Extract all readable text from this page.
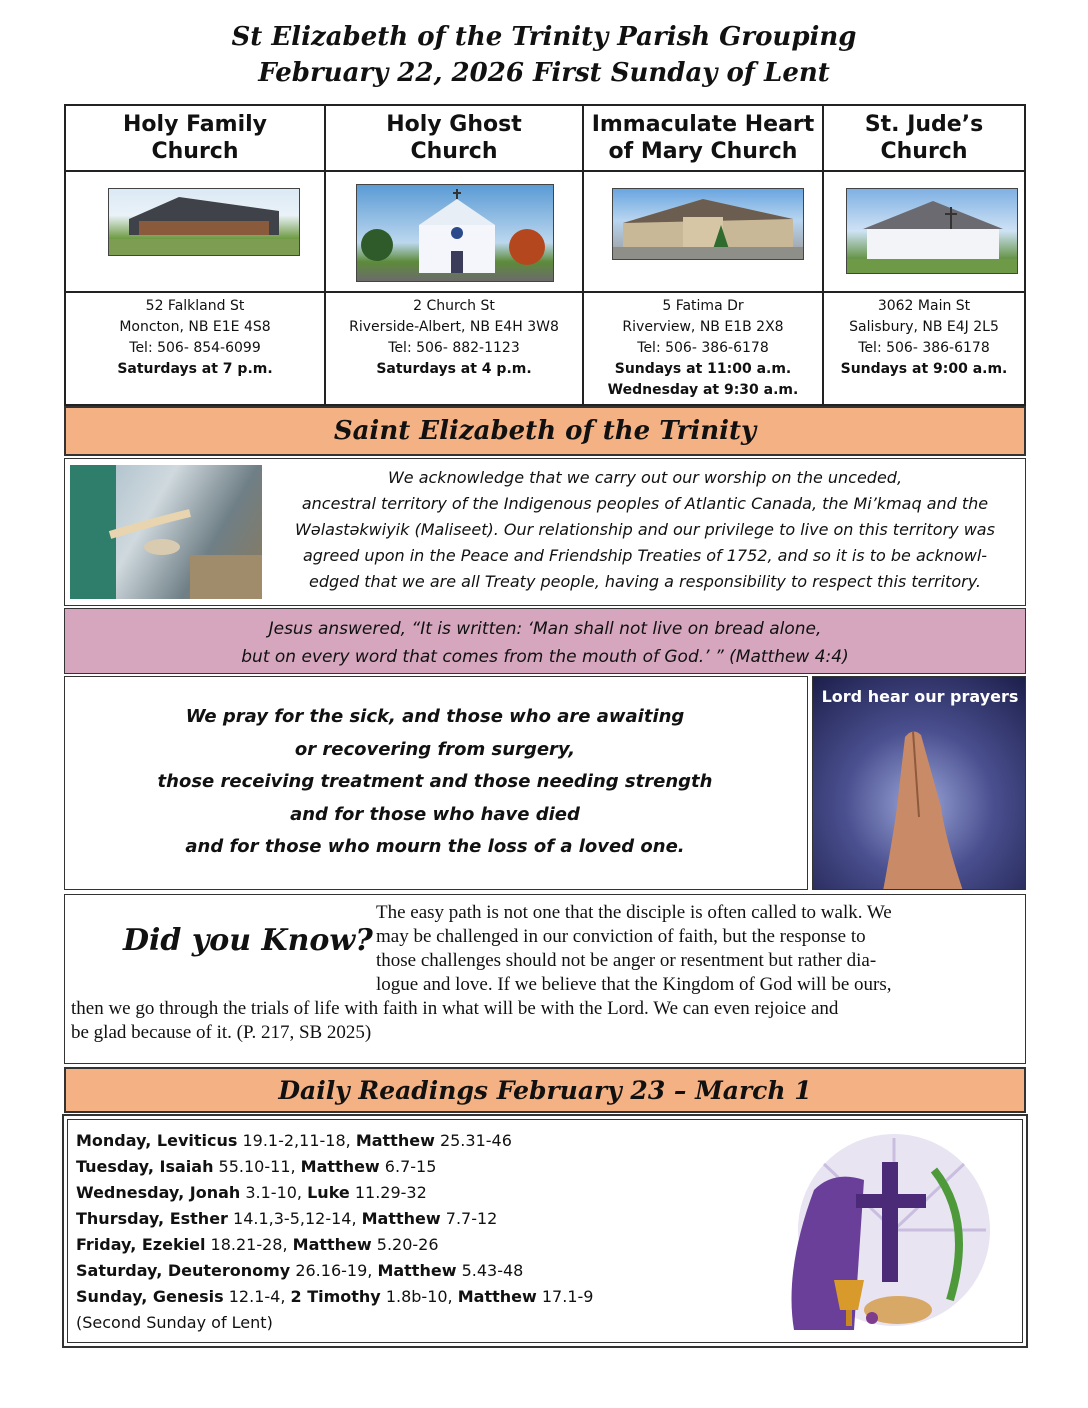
St Elizabeth of the Trinity Parish Grouping
February 22, 2026 First Sunday of Lent
Holy Family
Church
Holy Ghost
Church
Immaculate Heart
of Mary Church
St. Jude’s
Church
52 Falkland St
Moncton, NB E1E 4S8
Tel: 506- 854-6099
Saturdays at 7 p.m.
2 Church St
Riverside-Albert, NB E4H 3W8
Tel: 506- 882-1123
Saturdays at 4 p.m.
5 Fatima Dr
Riverview, NB E1B 2X8
Tel: 506- 386-6178
Sundays at 11:00 a.m.
Wednesday at 9:30 a.m.
3062 Main St
Salisbury, NB E4J 2L5
Tel: 506- 386-6178
Sundays at 9:00 a.m.
Saint Elizabeth of the Trinity
We acknowledge that we carry out our worship on the unceded,
ancestral territory of the Indigenous peoples of Atlantic Canada, the Mi’kmaq and the
Wəlastəkwiyik (Maliseet). Our relationship and our privilege to live on this territory was
agreed upon in the Peace and Friendship Treaties of 1752, and so it is to be acknowl-
edged that we are all Treaty people, having a responsibility to respect this territory.
Jesus answered, “It is written: ‘Man shall not live on bread alone,
but on every word that comes from the mouth of God.’ ” (Matthew 4:4)
We pray for the sick, and those who are awaiting
or recovering from surgery,
those receiving treatment and those needing strength
and for those who have died
and for those who mourn the loss of a loved one.
Lord hear our prayers
Did you Know?
The easy path is not one that the disciple is often called to walk. We
may be challenged in our conviction of faith, but the response to
those challenges should not be anger or resentment but rather dia-
logue and love. If we believe that the Kingdom of God will be ours,
then we go through the trials of life with faith in what will be with the Lord. We can even rejoice and
be glad because of it. (P. 217, SB 2025)
Daily Readings February 23 – March 1
Monday, Leviticus 19.1-2,11-18, Matthew 25.31-46
Tuesday, Isaiah 55.10-11, Matthew 6.7-15
Wednesday, Jonah 3.1-10, Luke 11.29-32
Thursday, Esther 14.1,3-5,12-14, Matthew 7.7-12
Friday, Ezekiel 18.21-28, Matthew 5.20-26
Saturday, Deuteronomy 26.16-19, Matthew 5.43-48
Sunday, Genesis 12.1-4, 2 Timothy 1.8b-10, Matthew 17.1-9
(Second Sunday of Lent)
